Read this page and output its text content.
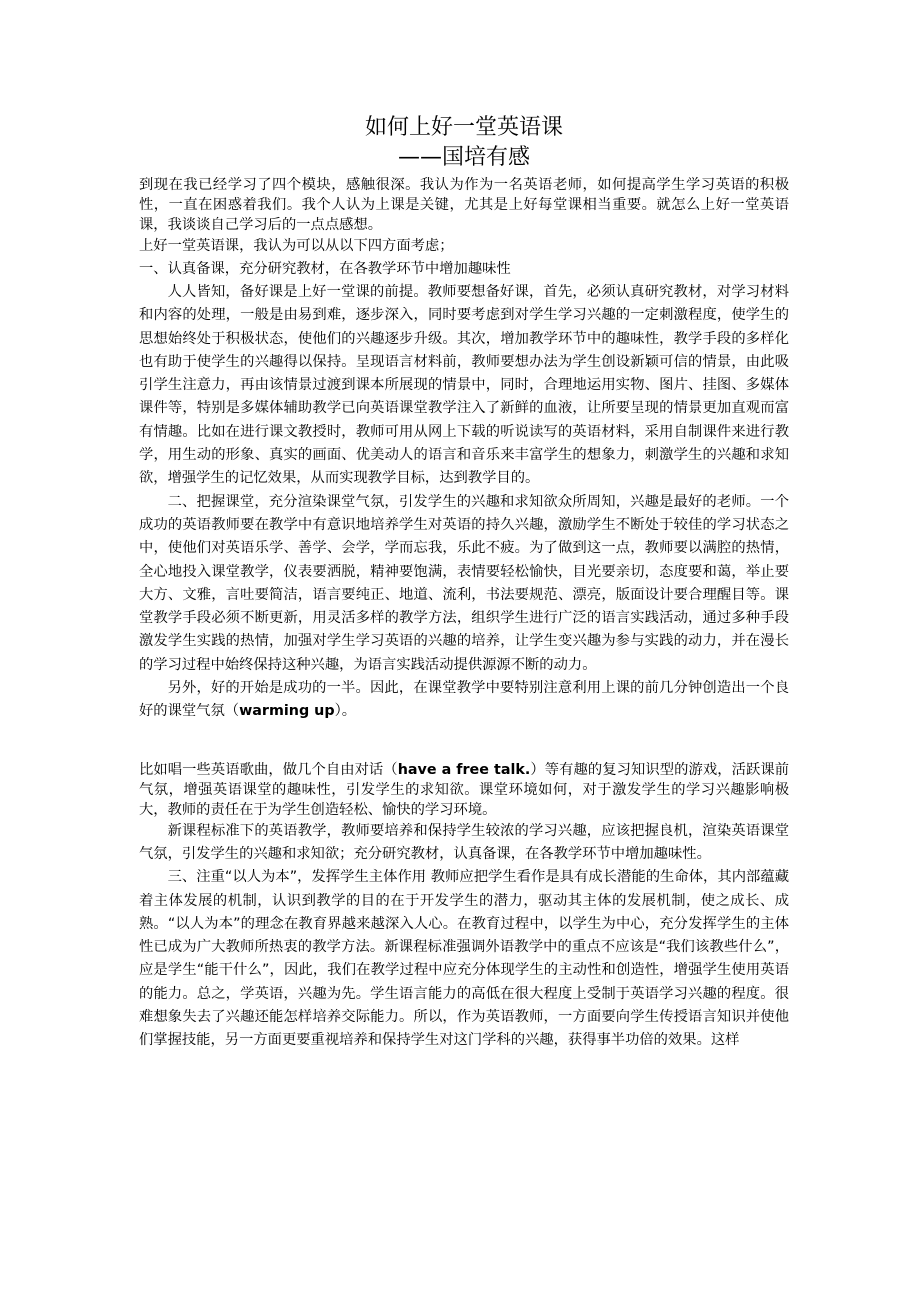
如何上好一堂英语课
——国培有感

到现在我已经学习了四个模块，感触很深。我认为作为一名英语老师，如何提高学生学习英语的积极性，一直在困惑着我们。我个人认为上课是关键，尤其是上好每堂课相当重要。就怎么上好一堂英语课，我谈谈自己学习后的一点点感想。

上好一堂英语课，我认为可以从以下四方面考虑；

一、认真备课，充分研究教材，在各教学环节中增加趣味性

人人皆知，备好课是上好一堂课的前提。教师要想备好课，首先，必须认真研究教材，对学习材料和内容的处理，一般是由易到难，逐步深入，同时要考虑到对学生学习兴趣的一定刺激程度，使学生的思想始终处于积极状态，使他们的兴趣逐步升级。其次，增加教学环节中的趣味性，教学手段的多样化也有助于使学生的兴趣得以保持。呈现语言材料前，教师要想办法为学生创设新颖可信的情景，由此吸引学生注意力，再由该情景过渡到课本所展现的情景中，同时，合理地运用实物、图片、挂图、多媒体课件等，特别是多媒体辅助教学已向英语课堂教学注入了新鲜的血液，让所要呈现的情景更加直观而富有情趣。比如在进行课文教授时，教师可用从网上下载的听说读写的英语材料，采用自制课件来进行教学，用生动的形象、真实的画面、优美动人的语言和音乐来丰富学生的想象力，刺激学生的兴趣和求知欲，增强学生的记忆效果，从而实现教学目标，达到教学目的。

二、把握课堂，充分渲染课堂气氛，引发学生的兴趣和求知欲众所周知，兴趣是最好的老师。一个成功的英语教师要在教学中有意识地培养学生对英语的持久兴趣，激励学生不断处于较佳的学习状态之中，使他们对英语乐学、善学、会学，学而忘我，乐此不疲。为了做到这一点，教师要以满腔的热情，全心地投入课堂教学，仪表要洒脱，精神要饱满，表情要轻松愉快，目光要亲切，态度要和蔼，举止要大方、文雅，言吐要简洁，语言要纯正、地道、流利，书法要规范、漂亮，版面设计要合理醒目等。课堂教学手段必须不断更新，用灵活多样的教学方法，组织学生进行广泛的语言实践活动，通过多种手段激发学生实践的热情，加强对学生学习英语的兴趣的培养，让学生变兴趣为参与实践的动力，并在漫长的学习过程中始终保持这种兴趣，为语言实践活动提供源源不断的动力。

另外，好的开始是成功的一半。因此，在课堂教学中要特别注意利用上课的前几分钟创造出一个良好的课堂气氛（warming up）。

比如唱一些英语歌曲，做几个自由对话（have a free talk.）等有趣的复习知识型的游戏，活跃课前气氛，增强英语课堂的趣味性，引发学生的求知欲。课堂环境如何，对于激发学生的学习兴趣影响极大，教师的责任在于为学生创造轻松、愉快的学习环境。

新课程标准下的英语教学，教师要培养和保持学生较浓的学习兴趣，应该把握良机，渲染英语课堂气氛，引发学生的兴趣和求知欲；充分研究教材，认真备课，在各教学环节中增加趣味性。

三、注重“以人为本”，发挥学生主体作用 教师应把学生看作是具有成长潜能的生命体，其内部蕴藏着主体发展的机制，认识到教学的目的在于开发学生的潜力，驱动其主体的发展机制，使之成长、成熟。“以人为本”的理念在教育界越来越深入人心。在教育过程中，以学生为中心，充分发挥学生的主体性已成为广大教师所热衷的教学方法。新课程标准强调外语教学中的重点不应该是“我们该教些什么”，应是学生“能干什么”，因此，我们在教学过程中应充分体现学生的主动性和创造性，增强学生使用英语的能力。总之，学英语，兴趣为先。学生语言能力的高低在很大程度上受制于英语学习兴趣的程度。很难想象失去了兴趣还能怎样培养交际能力。所以，作为英语教师，一方面要向学生传授语言知识并使他们掌握技能，另一方面更要重视培养和保持学生对这门学科的兴趣，获得事半功倍的效果。这样
